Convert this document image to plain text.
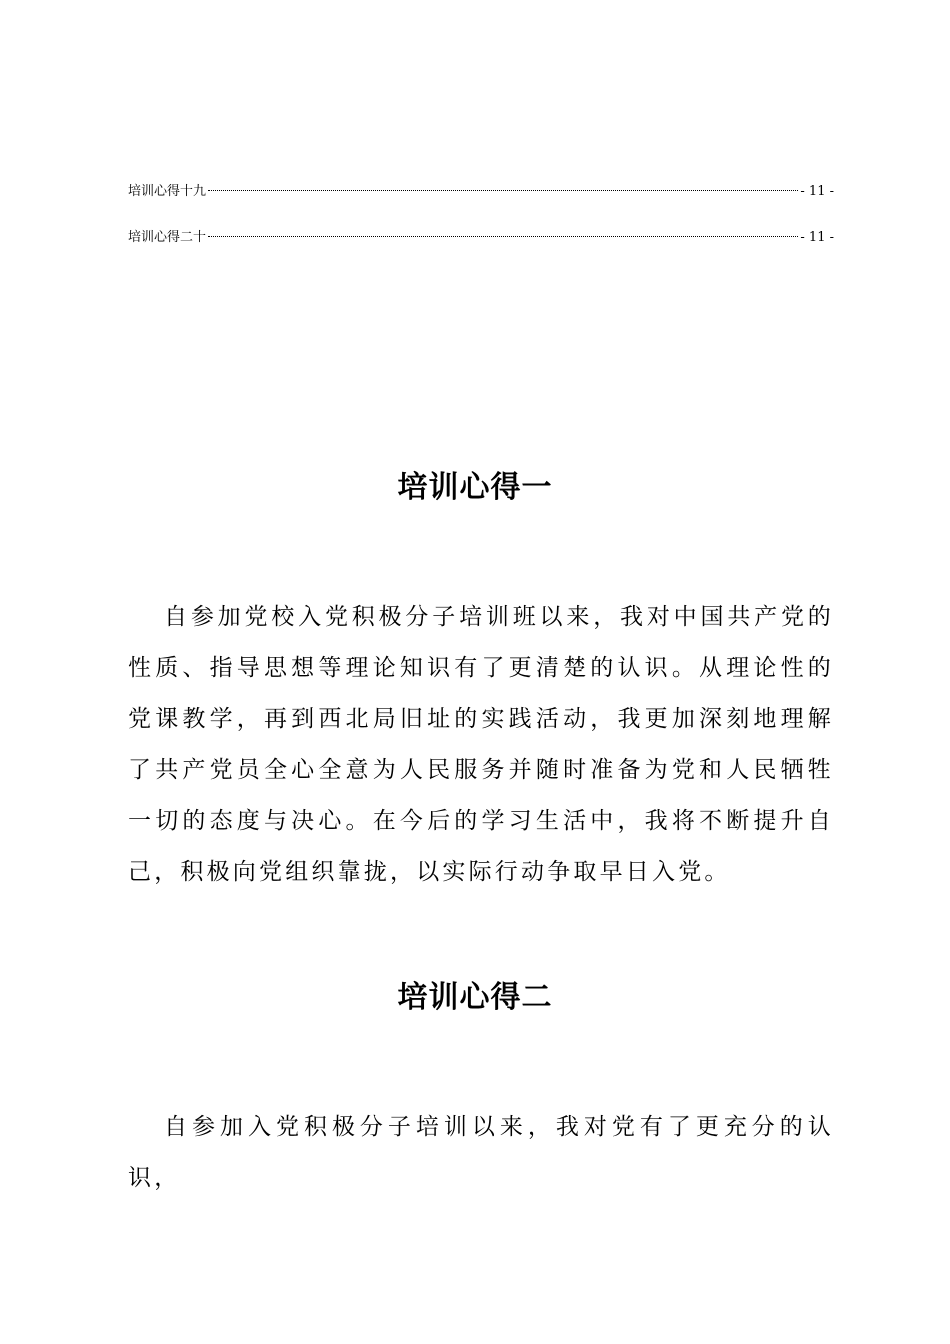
培训心得十九	- 11 -
培训心得二十	- 11 -
培训心得一
自参加党校入党积极分子培训班以来，我对中国共产党的性质、指导思想等理论知识有了更清楚的认识。从理论性的党课教学，再到西北局旧址的实践活动，我更加深刻地理解了共产党员全心全意为人民服务并随时准备为党和人民牺牲一切的态度与决心。在今后的学习生活中，我将不断提升自己，积极向党组织靠拢，以实际行动争取早日入党。
培训心得二
自参加入党积极分子培训以来，我对党有了更充分的认识，
